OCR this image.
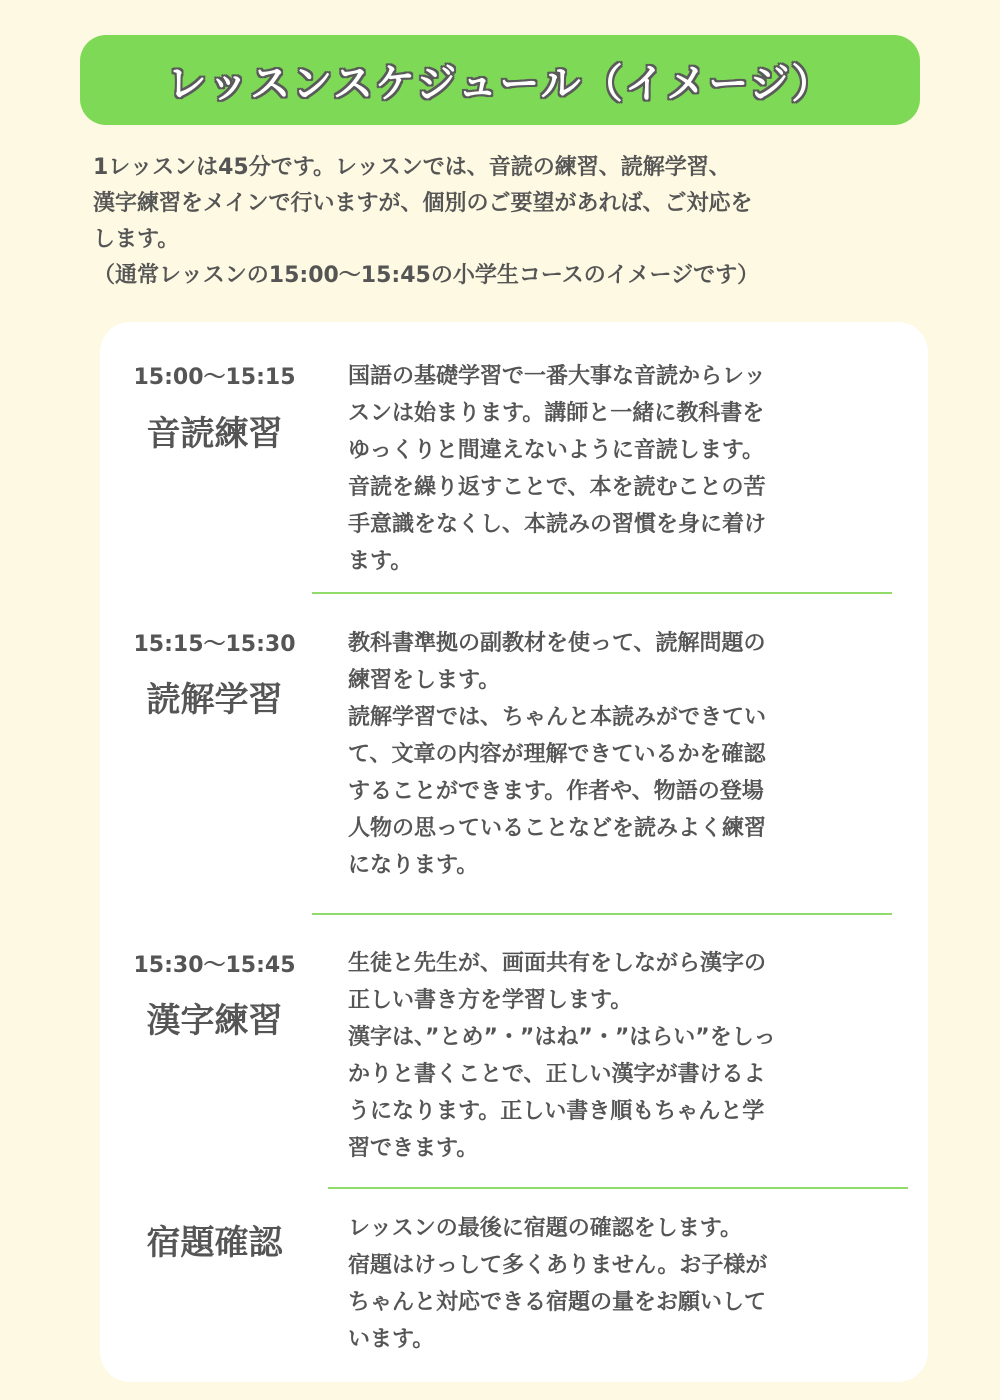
レッスンスケジュール（イメージ）
1レッスンは45分です。レッスンでは、音読の練習、読解学習、
漢字練習をメインで行いますが、個別のご要望があれば、ご対応を
します。
（通常レッスンの15:00〜15:45の小学生コースのイメージです）
15:00〜15:15
音読練習
国語の基礎学習で一番大事な音読からレッ
スンは始まります。講師と一緒に教科書を
ゆっくりと間違えないように音読します。
音読を繰り返すことで、本を読むことの苦
手意識をなくし、本読みの習慣を身に着け
ます。
15:15〜15:30
読解学習
教科書準拠の副教材を使って、読解問題の
練習をします。
読解学習では、ちゃんと本読みができてい
て、文章の内容が理解できているかを確認
することができます。作者や、物語の登場
人物の思っていることなどを読みよく練習
になります。
15:30〜15:45
漢字練習
生徒と先生が、画面共有をしながら漢字の
正しい書き方を学習します。
漢字は、”とめ”・”はね”・”はらい”をしっ
かりと書くことで、正しい漢字が書けるよ
うになります。正しい書き順もちゃんと学
習できます。
宿題確認	レッスンの最後に宿題の確認をします。
宿題はけっして多くありません。お子様が
ちゃんと対応できる宿題の量をお願いして
います。
